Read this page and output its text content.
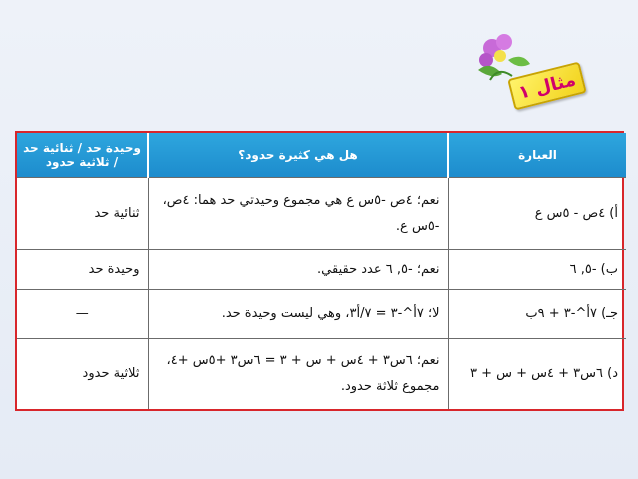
مثال ١
العبارة	هل هي كثيرة حدود؟	وحيدة حد / ثنائية حد / ثلاثية حدود
أ) ٤ص - ٥س ع	نعم؛ ٤ص -٥س ع هي مجموع وحيدتي حد هما: ٤ص، -٥س ع.	ثنائية حد
ب) -٥, ٦	نعم؛ -٥, ٦ عدد حقيقي.	وحيدة حد
جـ) ٧أ^-٣ + ٩ب	لا؛ ٧أ^-٣ = ٧/أ٣، وهي ليست وحيدة حد.	—
د) ٦س٣ + ٤س + س + ٣	نعم؛ ٦س٣ + ٤س + س + ٣ = ٦س٣ +٥س +٤، مجموع ثلاثة حدود.	ثلاثية حدود
